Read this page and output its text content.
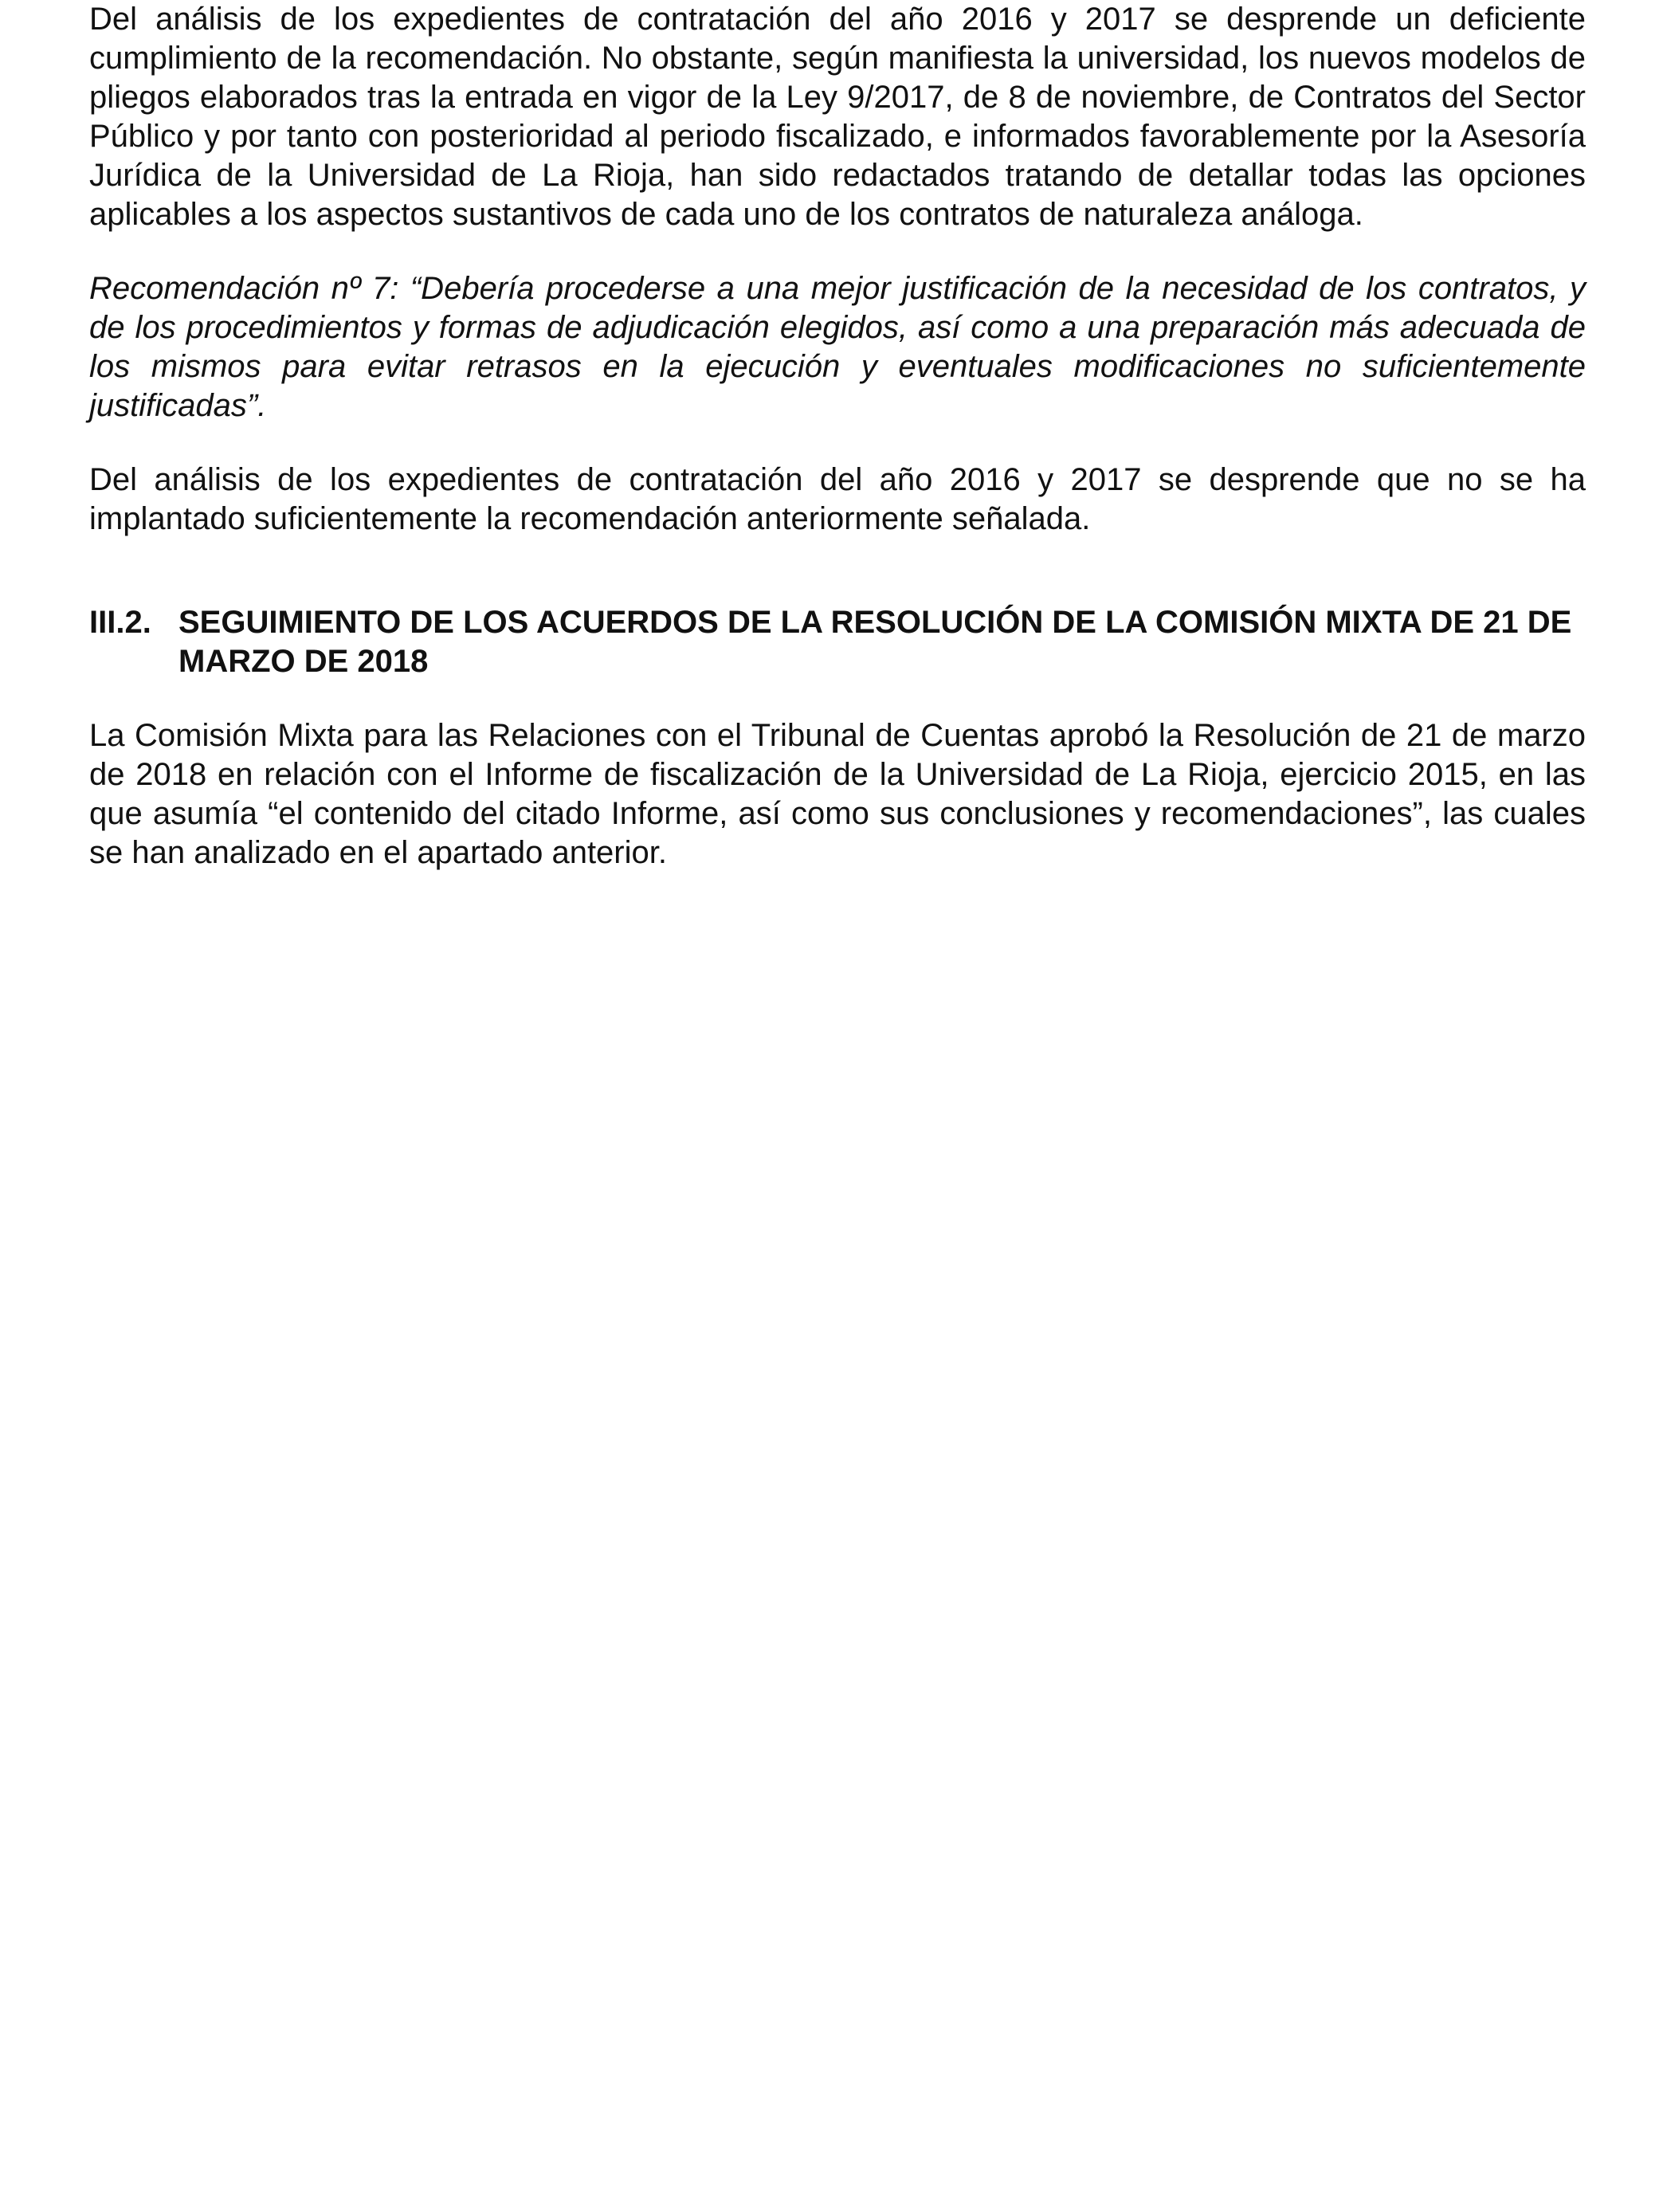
Del análisis de los expedientes de contratación del año 2016 y 2017 se desprende un deficiente cumplimiento de la recomendación. No obstante, según manifiesta la universidad, los nuevos modelos de pliegos elaborados tras la entrada en vigor de la Ley 9/2017, de 8 de noviembre, de Contratos del Sector Público y por tanto con posterioridad al periodo fiscalizado, e informados favorablemente por la Asesoría Jurídica de la Universidad de La Rioja, han sido redactados tratando de detallar todas las opciones aplicables a los aspectos sustantivos de cada uno de los contratos de naturaleza análoga.

Recomendación nº 7: “Debería procederse a una mejor justificación de la necesidad de los contratos, y de los procedimientos y formas de adjudicación elegidos, así como a una preparación más adecuada de los mismos para evitar retrasos en la ejecución y eventuales modificaciones no suficientemente justificadas”.

Del análisis de los expedientes de contratación del año 2016 y 2017 se desprende que no se ha implantado suficientemente la recomendación anteriormente señalada.

III.2. SEGUIMIENTO DE LOS ACUERDOS DE LA RESOLUCIÓN DE LA COMISIÓN MIXTA DE 21 DE MARZO DE 2018

La Comisión Mixta para las Relaciones con el Tribunal de Cuentas aprobó la Resolución de 21 de marzo de 2018 en relación con el Informe de fiscalización de la Universidad de La Rioja, ejercicio 2015, en las que asumía “el contenido del citado Informe, así como sus conclusiones y recomendaciones”, las cuales se han analizado en el apartado anterior.
